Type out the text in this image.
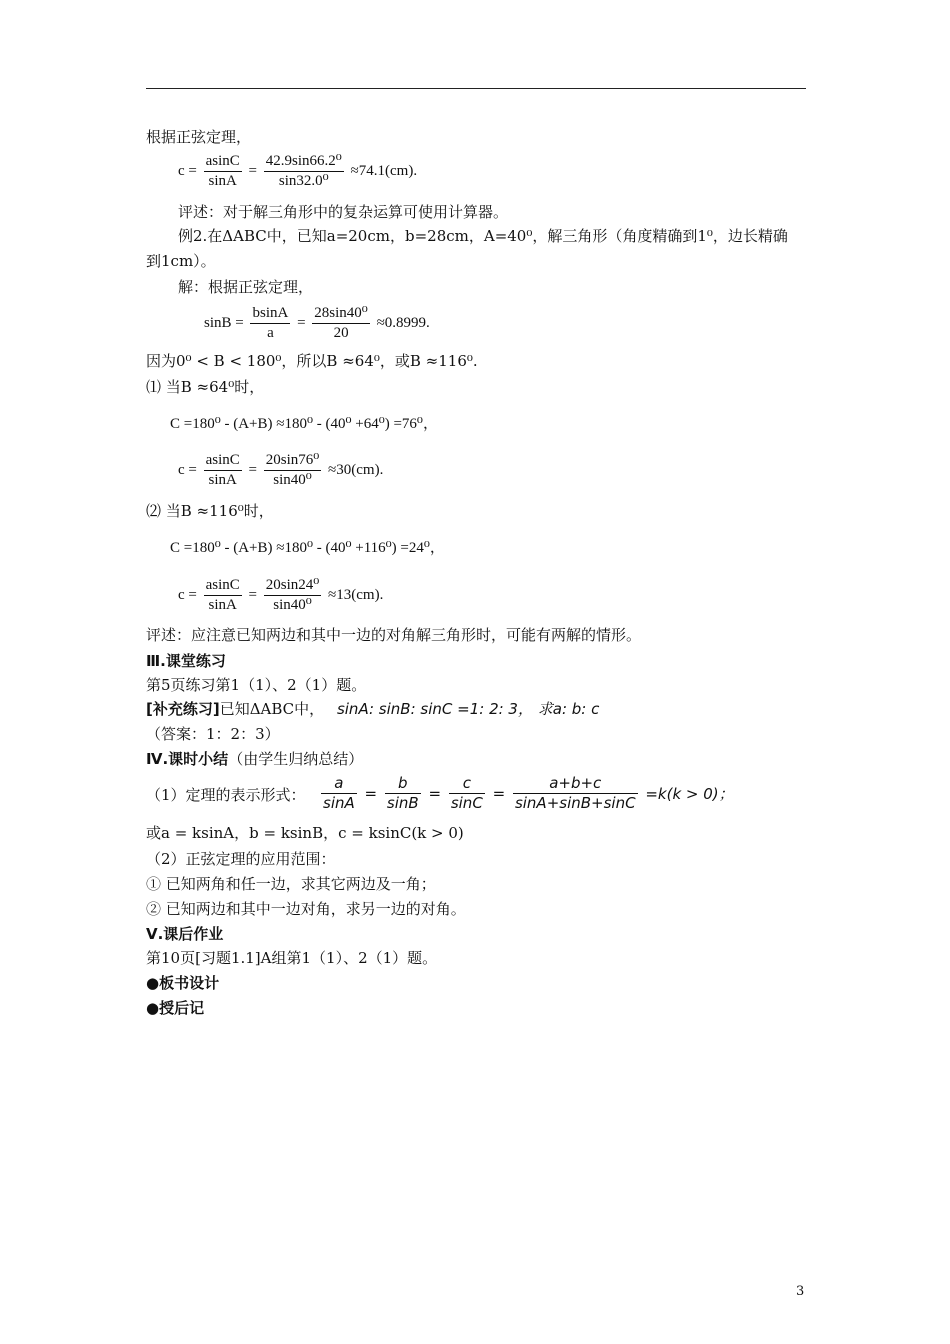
根据正弦定理，
$c = \frac{asinC}{\sin A} = \frac{\text{42.9sin66.2⁰}}{\text{sin32.0⁰}} \approx 74.1(cm)$.
评述：对于解三角形中的复杂运算可使用计算器。
例2.在ΔABC中，已知a=20cm，b=28cm，A=40⁰，解三角形（角度精确到1⁰，边长精确
到1cm）。
解：根据正弦定理，
$\sin B = \frac{bsinA}{a} = \frac{\text{28sin40⁰}}{20} \approx 0.8999$.
因为0⁰ < B < 180⁰，所以B ≈64⁰，或B ≈116⁰.
⑴ 当B ≈64⁰时，
C =180⁰ - (A+B) ≈180⁰ - (40⁰ +64⁰) =76⁰，
$c = \frac{asinC}{\sin A} = \frac{\text{20sin76⁰}}{\text{sin40⁰}} \approx 30(cm)$.
⑵ 当B ≈116⁰时，
C =180⁰ - (A+B) ≈180⁰ - (40⁰ +116⁰) =24⁰，
$c = \frac{asinC}{\sin A} = \frac{\text{20sin24⁰}}{\text{sin40⁰}} \approx 13(cm)$.
评述：应注意已知两边和其中一边的对角解三角形时，可能有两解的情形。
Ⅲ.课堂练习
第5页练习第1（1）、2（1）题。
[补充练习]已知ΔABC中， sinA: sinB: sinC =1: 2: 3， 求a: b: c
（答案：1：2：3）
Ⅳ.课时小结（由学生归纳总结）
（1）定理的表示形式： $\frac{a}{\sin A} = \frac{b}{\sin B} = \frac{c}{\sin C} = \frac{a+b+c}{\sin A+\sin B+\sin C} =k(k > 0)$；
或a = ksinA，b = ksinB，c = ksinC(k > 0)
（2）正弦定理的应用范围：
① 已知两角和任一边，求其它两边及一角；
② 已知两边和其中一边对角，求另一边的对角。
Ⅴ.课后作业
第10页[习题1.1]A组第1（1）、2（1）题。
●板书设计
●授后记
3
